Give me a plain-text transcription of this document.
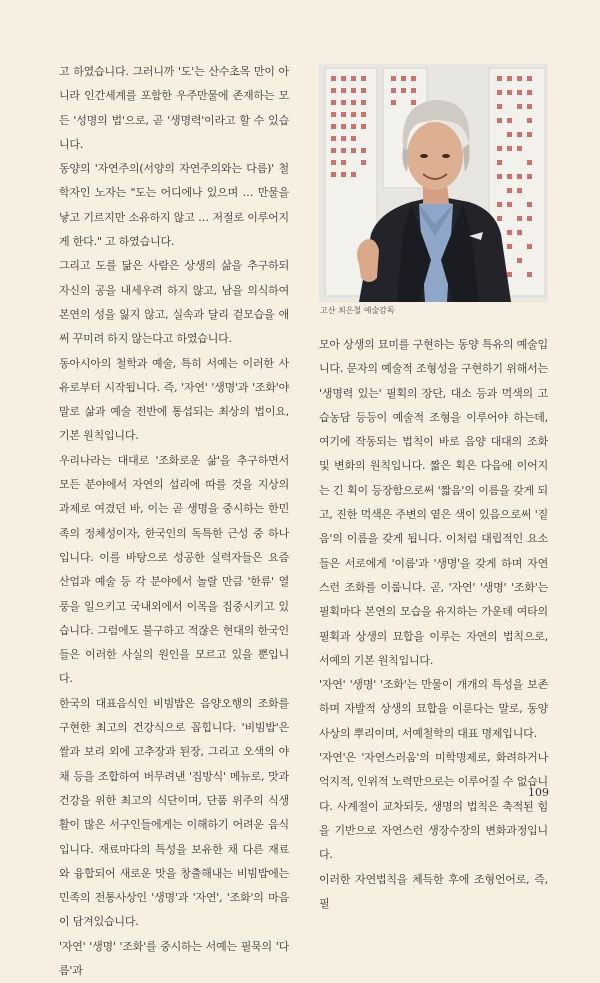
고 하였습니다. 그러니까 '도'는 산수초목 만이 아니라 인간세계를 포함한 우주만물에 존재하는 모든 '성명의 법'으로, 곧 '생명력'이라고 할 수 있습니다.

동양의 '자연주의(서양의 자연주의와는 다름)' 철학자인 노자는 "도는 어디에나 있으며 … 만물을 낳고 기르지만 소유하지 않고 … 저절로 이루어지게 한다." 고 하였습니다.

그리고 도를 닮은 사람은 상생의 삶을 추구하되 자신의 공을 내세우려 하지 않고, 남을 의식하여 본연의 성을 잃지 않고, 실속과 달리 겉모습을 애써 꾸미려 하지 않는다고 하였습니다.

동아시아의 철학과 예술, 특히 서예는 이러한 사유로부터 시작됩니다. 즉, '자연' '생명'과 '조화'야말로 삶과 예술 전반에 통섭되는 최상의 법이요, 기본 원칙입니다.

우리나라는 대대로 '조화로운 삶'을 추구하면서 모든 분야에서 자연의 섭리에 따를 것을 지상의 과제로 여겼던 바, 이는 곧 생명을 중시하는 한민족의 정체성이자, 한국인의 독특한 근성 중 하나입니다. 이를 바탕으로 성공한 실력자들은 요즘 산업과 예술 등 각 분야에서 놀랄 만큼 '한류' 열풍을 일으키고 국내외에서 이목을 집중시키고 있습니다. 그럼에도 불구하고 적잖은 현대의 한국인들은 이러한 사실의 원인을 모르고 있을 뿐입니다.

한국의 대표음식인 비빔밥은 음양오행의 조화를 구현한 최고의 건강식으로 꼽힙니다. '비빔밥'은 쌀과 보리 외에 고추장과 된장, 그리고 오색의 야채 등을 조합하여 버무려낸 '집방식' 메뉴로, 맛과 건강을 위한 최고의 식단이며, 단품 위주의 식생활이 많은 서구인들에게는 이해하기 어려운 음식입니다. 재료마다의 특성을 보유한 채 다른 재료와 융합되어 새로운 맛을 창출해내는 비빔밥에는 민족의 전통사상인 '생명'과 '자연', '조화'의 마음이 담겨있습니다.

'자연' '생명' '조화'를 중시하는 서예는 필묵의 '다름'과

고산 최은철 예술감독

모아 상생의 묘미를 구현하는 동양 특유의 예술입니다. 문자의 예술적 조형성을 구현하기 위해서는 '생명력 있는' 필획의 장단, 대소 등과 먹색의 고습농담 등등이 예술적 조형을 이루어야 하는데, 여기에 작동되는 법칙이 바로 음양 대대의 조화 및 변화의 원칙입니다. 짧은 획은 다음에 이어지는 긴 획이 등장함으로써 '짧음'의 이름을 갖게 되고, 진한 먹색은 주변의 옅은 색이 있음으로써 '짙음'의 이름을 갖게 됩니다. 이처럼 대립적인 요소들은 서로에게 '이름'과 '생명'을 갖게 하며 자연스런 조화를 이룹니다. 곧, '자연' '생명' '조화'는 필획마다 본연의 모습을 유지하는 가운데 여타의 필획과 상생의 묘합을 이루는 자연의 법칙으로, 서예의 기본 원칙입니다.

'자연' '생명' '조화'는 만물이 개개의 특성을 보존하며 자발적 상생의 묘합을 이룬다는 말로, 동양사상의 뿌리이며, 서예철학의 대표 명제입니다.

'자연'은 '자연스러움'의 미학명제로, 화려하거나 억지적, 인위적 노력만으로는 이루어질 수 없습니다. 사계절이 교차되듯, 생명의 법칙은 축적된 힘을 기반으로 자연스런 생장수장의 변화과정입니다.

이러한 자연법칙을 체득한 후에 조형언어로, 즉, 필

109
